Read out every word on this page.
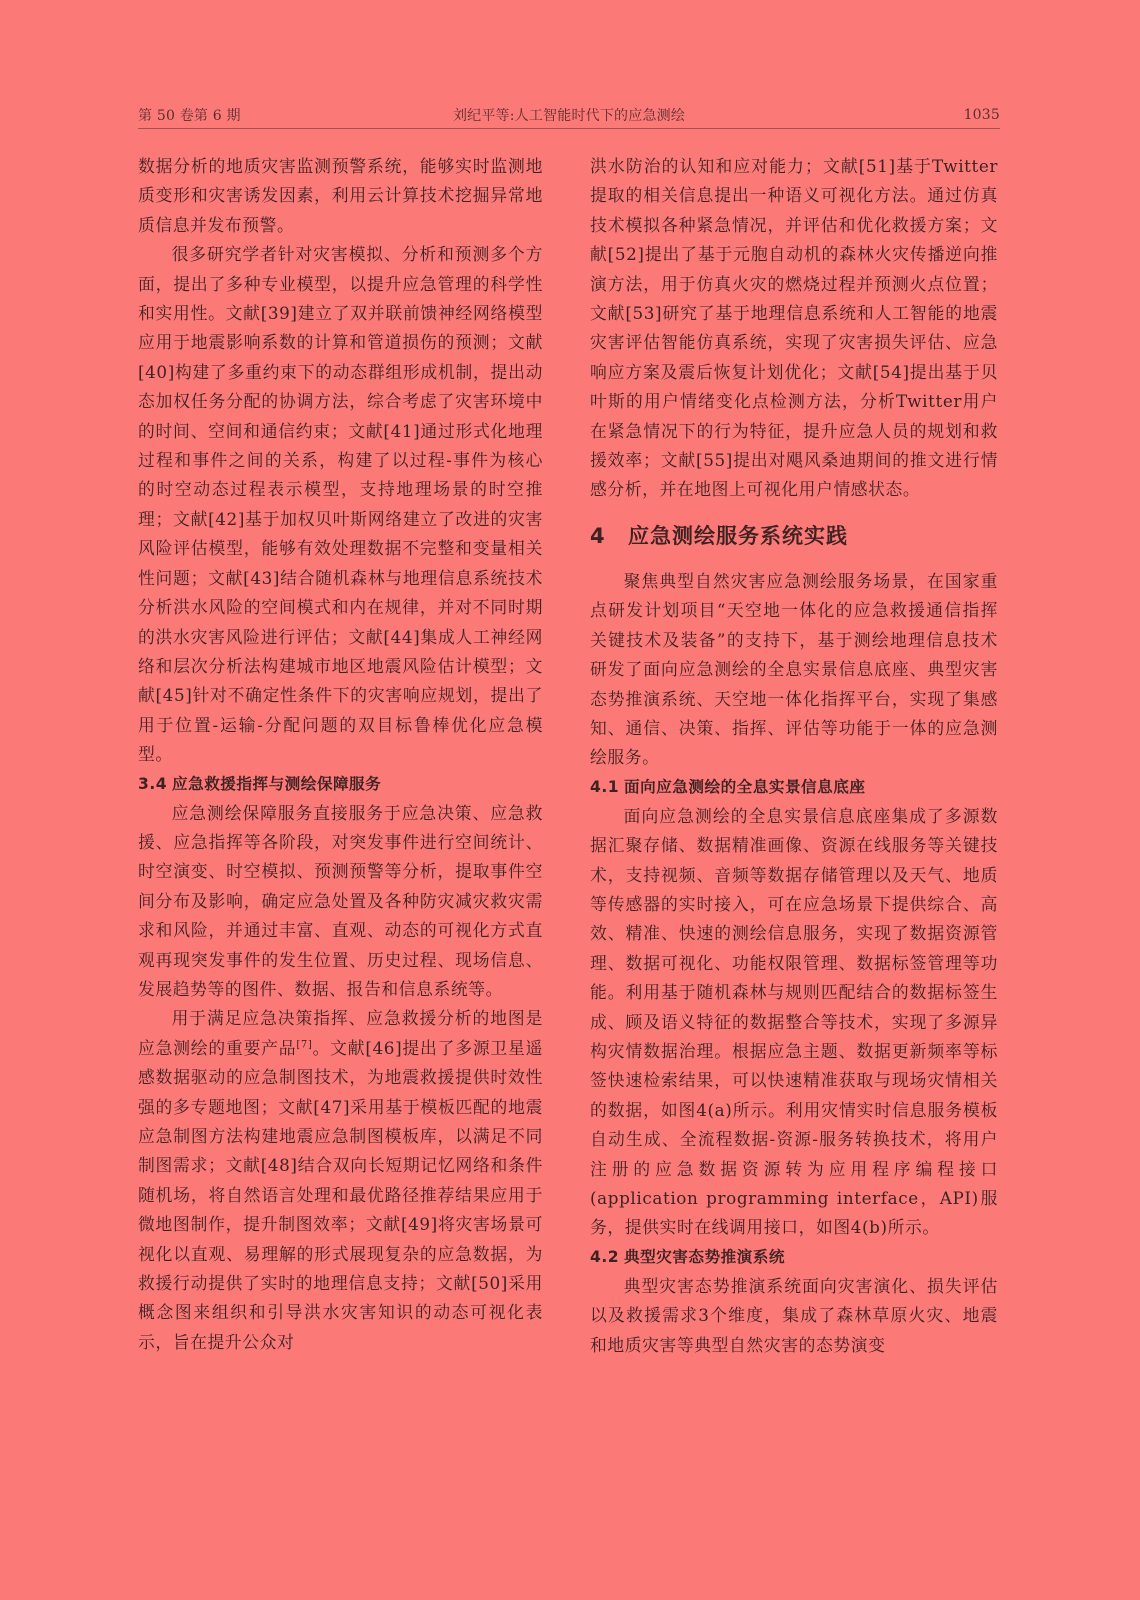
第 50 卷第 6 期	刘纪平等:人工智能时代下的应急测绘	1035

数据分析的地质灾害监测预警系统，能够实时监测地质变形和灾害诱发因素，利用云计算技术挖掘异常地质信息并发布预警。

很多研究学者针对灾害模拟、分析和预测多个方面，提出了多种专业模型，以提升应急管理的科学性和实用性。文献[39]建立了双并联前馈神经网络模型应用于地震影响系数的计算和管道损伤的预测；文献[40]构建了多重约束下的动态群组形成机制，提出动态加权任务分配的协调方法，综合考虑了灾害环境中的时间、空间和通信约束；文献[41]通过形式化地理过程和事件之间的关系，构建了以过程-事件为核心的时空动态过程表示模型，支持地理场景的时空推理；文献[42]基于加权贝叶斯网络建立了改进的灾害风险评估模型，能够有效处理数据不完整和变量相关性问题；文献[43]结合随机森林与地理信息系统技术分析洪水风险的空间模式和内在规律，并对不同时期的洪水灾害风险进行评估；文献[44]集成人工神经网络和层次分析法构建城市地区地震风险估计模型；文献[45]针对不确定性条件下的灾害响应规划，提出了用于位置-运输-分配问题的双目标鲁棒优化应急模型。

3.4 应急救援指挥与测绘保障服务

应急测绘保障服务直接服务于应急决策、应急救援、应急指挥等各阶段，对突发事件进行空间统计、时空演变、时空模拟、预测预警等分析，提取事件空间分布及影响，确定应急处置及各种防灾减灾救灾需求和风险，并通过丰富、直观、动态的可视化方式直观再现突发事件的发生位置、历史过程、现场信息、发展趋势等的图件、数据、报告和信息系统等。

用于满足应急决策指挥、应急救援分析的地图是应急测绘的重要产品[7]。文献[46]提出了多源卫星遥感数据驱动的应急制图技术，为地震救援提供时效性强的多专题地图；文献[47]采用基于模板匹配的地震应急制图方法构建地震应急制图模板库，以满足不同制图需求；文献[48]结合双向长短期记忆网络和条件随机场，将自然语言处理和最优路径推荐结果应用于微地图制作，提升制图效率；文献[49]将灾害场景可视化以直观、易理解的形式展现复杂的应急数据，为救援行动提供了实时的地理信息支持；文献[50]采用概念图来组织和引导洪水灾害知识的动态可视化表示，旨在提升公众对

洪水防治的认知和应对能力；文献[51]基于Twitter提取的相关信息提出一种语义可视化方法。通过仿真技术模拟各种紧急情况，并评估和优化救援方案；文献[52]提出了基于元胞自动机的森林火灾传播逆向推演方法，用于仿真火灾的燃烧过程并预测火点位置；文献[53]研究了基于地理信息系统和人工智能的地震灾害评估智能仿真系统，实现了灾害损失评估、应急响应方案及震后恢复计划优化；文献[54]提出基于贝叶斯的用户情绪变化点检测方法，分析Twitter用户在紧急情况下的行为特征，提升应急人员的规划和救援效率；文献[55]提出对飓风桑迪期间的推文进行情感分析，并在地图上可视化用户情感状态。

4 应急测绘服务系统实践

聚焦典型自然灾害应急测绘服务场景，在国家重点研发计划项目“天空地一体化的应急救援通信指挥关键技术及装备”的支持下，基于测绘地理信息技术研发了面向应急测绘的全息实景信息底座、典型灾害态势推演系统、天空地一体化指挥平台，实现了集感知、通信、决策、指挥、评估等功能于一体的应急测绘服务。

4.1 面向应急测绘的全息实景信息底座

面向应急测绘的全息实景信息底座集成了多源数据汇聚存储、数据精准画像、资源在线服务等关键技术，支持视频、音频等数据存储管理以及天气、地质等传感器的实时接入，可在应急场景下提供综合、高效、精准、快速的测绘信息服务，实现了数据资源管理、数据可视化、功能权限管理、数据标签管理等功能。利用基于随机森林与规则匹配结合的数据标签生成、顾及语义特征的数据整合等技术，实现了多源异构灾情数据治理。根据应急主题、数据更新频率等标签快速检索结果，可以快速精准获取与现场灾情相关的数据，如图4(a)所示。利用灾情实时信息服务模板自动生成、全流程数据-资源-服务转换技术，将用户注册的应急数据资源转为应用程序编程接口(application programming interface，API)服务，提供实时在线调用接口，如图4(b)所示。

4.2 典型灾害态势推演系统

典型灾害态势推演系统面向灾害演化、损失评估以及救援需求3个维度，集成了森林草原火灾、地震和地质灾害等典型自然灾害的态势演变
